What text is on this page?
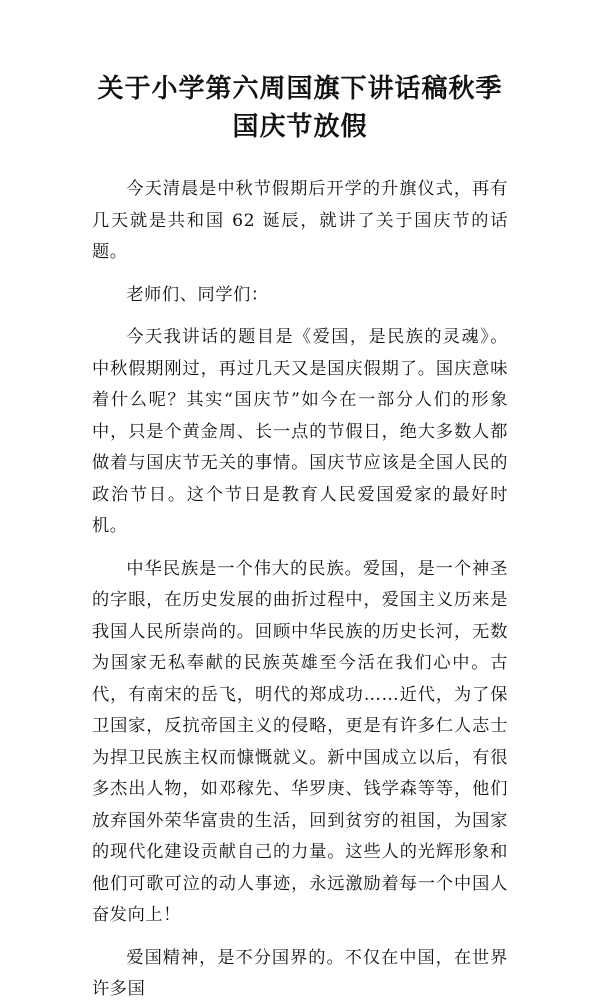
关于小学第六周国旗下讲话稿秋季国庆节放假

今天清晨是中秋节假期后开学的升旗仪式，再有几天就是共和国 62 诞辰，就讲了关于国庆节的话题。

老师们、同学们：

今天我讲话的题目是《爱国，是民族的灵魂》。中秋假期刚过，再过几天又是国庆假期了。国庆意味着什么呢？其实“国庆节”如今在一部分人们的形象中，只是个黄金周、长一点的节假日，绝大多数人都做着与国庆节无关的事情。国庆节应该是全国人民的政治节日。这个节日是教育人民爱国爱家的最好时机。

中华民族是一个伟大的民族。爱国，是一个神圣的字眼，在历史发展的曲折过程中，爱国主义历来是我国人民所崇尚的。回顾中华民族的历史长河，无数为国家无私奉献的民族英雄至今活在我们心中。古代，有南宋的岳飞，明代的郑成功……近代，为了保卫国家，反抗帝国主义的侵略，更是有许多仁人志士为捍卫民族主权而慷慨就义。新中国成立以后，有很多杰出人物，如邓稼先、华罗庚、钱学森等等，他们放弃国外荣华富贵的生活，回到贫穷的祖国，为国家的现代化建设贡献自己的力量。这些人的光辉形象和他们可歌可泣的动人事迹，永远激励着每一个中国人奋发向上！

爱国精神，是不分国界的。不仅在中国，在世界许多国
